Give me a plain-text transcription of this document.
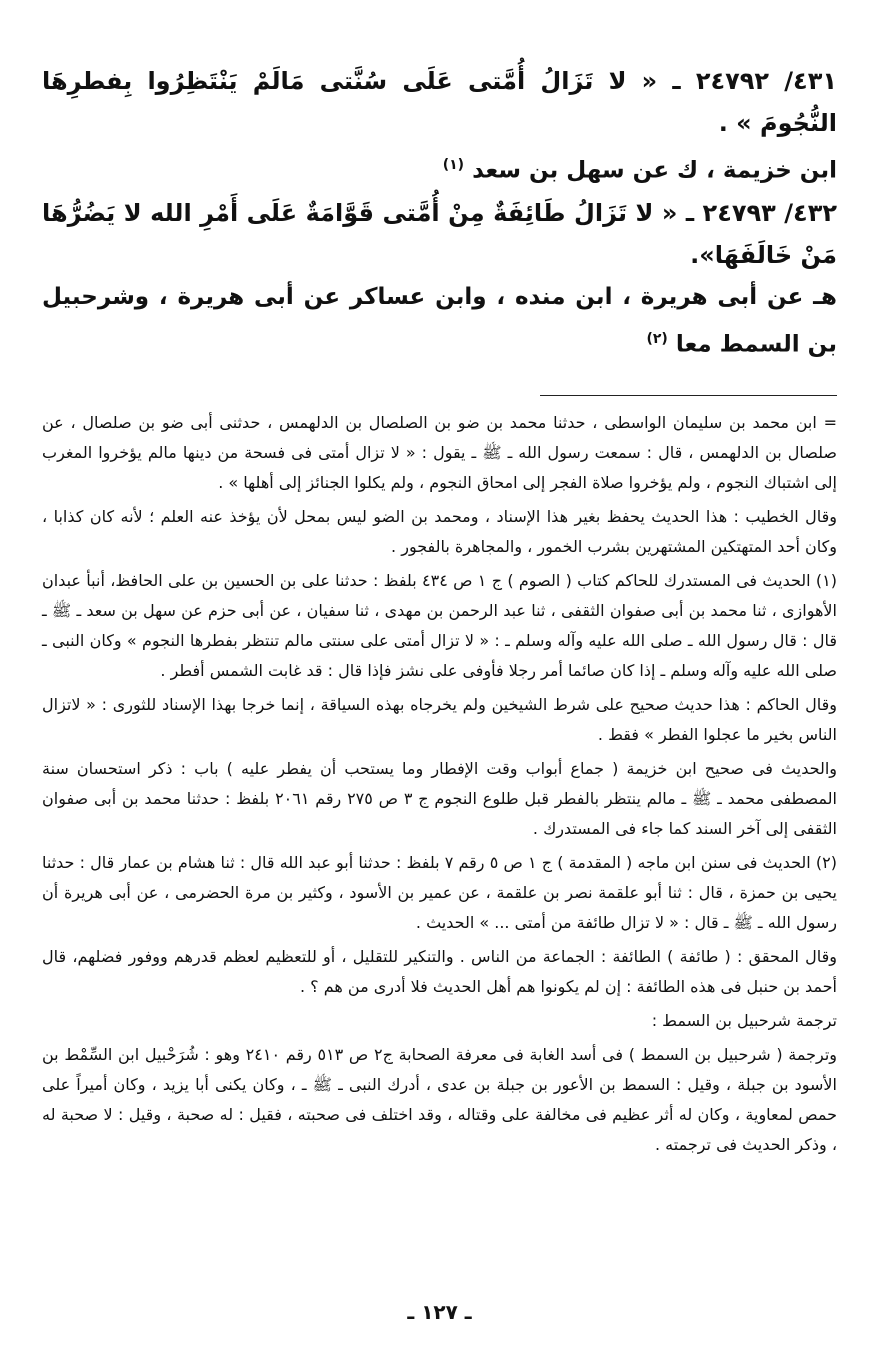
٤٣١/ ٢٤٧٩٢ ـ « لا تَزَالُ أُمَّتى عَلَى سُنَّتى مَالَمْ يَنْتَظِرُوا بِفطرِهَا النُّجُومَ » .

ابن خزيمة ، ك عن سهل بن سعد $^{(١)}$

٤٣٢/ ٢٤٧٩٣ ـ « لا تَزَالُ طَائِفَةٌ مِنْ أُمَّتى قَوَّامَةٌ عَلَى أَمْرِ الله لا يَضُرُّهَا مَنْ خَالَفَهَا».

هـ عن أبى هريرة ، ابن منده ، وابن عساكر عن أبى هريرة ، وشرحبيل بن السمط معا $^{(٢)}$

= ابن محمد بن سليمان الواسطى ، حدثنا محمد بن ضو بن الصلصال بن الدلهمس ، حدثنى أبى ضو بن صلصال ، عن صلصال بن الدلهمس ، قال : سمعت رسول الله ـ ﷺ ـ يقول : « لا تزال أمتى فى فسحة من دينها مالم يؤخروا المغرب إلى اشتباك النجوم ، ولم يؤخروا صلاة الفجر إلى امحاق النجوم ، ولم يكلوا الجنائز إلى أهلها » .

وقال الخطيب : هذا الحديث يحفظ بغير هذا الإسناد ، ومحمد بن الضو ليس بمحل لأن يؤخذ عنه العلم ؛ لأنه كان كذابا ، وكان أحد المتهتكين المشتهرين بشرب الخمور ، والمجاهرة بالفجور .

(١) الحديث فى المستدرك للحاكم كتاب ( الصوم ) ج ١ ص ٤٣٤ بلفظ : حدثنا على بن الحسين بن على الحافظ، أنبأ عبدان الأهوازى ، ثنا محمد بن أبى صفوان الثقفى ، ثنا عبد الرحمن بن مهدى ، ثنا سفيان ، عن أبى حزم عن سهل بن سعد ـ ﷺ ـ قال : قال رسول الله ـ صلى الله عليه وآله وسلم ـ : « لا تزال أمتى على سنتى مالم تنتظر بفطرها النجوم » وكان النبى ـ صلى الله عليه وآله وسلم ـ إذا كان صائما أمر رجلا فأوفى على نشز فإذا قال : قد غابت الشمس أفطر .

وقال الحاكم : هذا حديث صحيح على شرط الشيخين ولم يخرجاه بهذه السياقة ، إنما خرجا بهذا الإسناد للثورى : « لاتزال الناس بخير ما عجلوا الفطر » فقط .

والحديث فى صحيح ابن خزيمة ( جماع أبواب وقت الإفطار وما يستحب أن يفطر عليه ) باب : ذكر استحسان سنة المصطفى محمد ـ ﷺ ـ مالم ينتظر بالفطر قبل طلوع النجوم ج ٣ ص ٢٧٥ رقم ٢٠٦١ بلفظ : حدثنا محمد بن أبى صفوان الثقفى إلى آخر السند كما جاء فى المستدرك .

(٢) الحديث فى سنن ابن ماجه ( المقدمة ) ج ١ ص ٥ رقم ٧ بلفظ : حدثنا أبو عبد الله قال : ثنا هشام بن عمار قال : حدثنا يحيى بن حمزة ، قال : ثنا أبو علقمة نصر بن علقمة ، عن عمير بن الأسود ، وكثير بن مرة الحضرمى ، عن أبى هريرة أن رسول الله ـ ﷺ ـ قال : « لا تزال طائفة من أمتى ... » الحديث .

وقال المحقق : ( طائفة ) الطائفة : الجماعة من الناس . والتنكير للتقليل ، أو للتعظيم لعظم قدرهم ووفور فضلهم، قال أحمد بن حنبل فى هذه الطائفة : إن لم يكونوا هم أهل الحديث فلا أدرى من هم ؟ .

ترجمة شرحبيل بن السمط :

وترجمة ( شرحبيل بن السمط ) فى أسد الغابة فى معرفة الصحابة ج٢ ص ٥١٣ رقم ٢٤١٠ وهو : شُرَحْبيل ابن السِّمْط بن الأسود بن جبلة ، وقيل : السمط بن الأعور بن جبلة بن عدى ، أدرك النبى ـ ﷺ ـ ، وكان يكنى أبا يزيد ، وكان أميراً على حمص لمعاوية ، وكان له أثر عظيم فى مخالفة على وقتاله ، وقد اختلف فى صحبته ، فقيل : له صحبة ، وقيل : لا صحبة له ، وذكر الحديث فى ترجمته .

ـ ١٢٧ ـ
